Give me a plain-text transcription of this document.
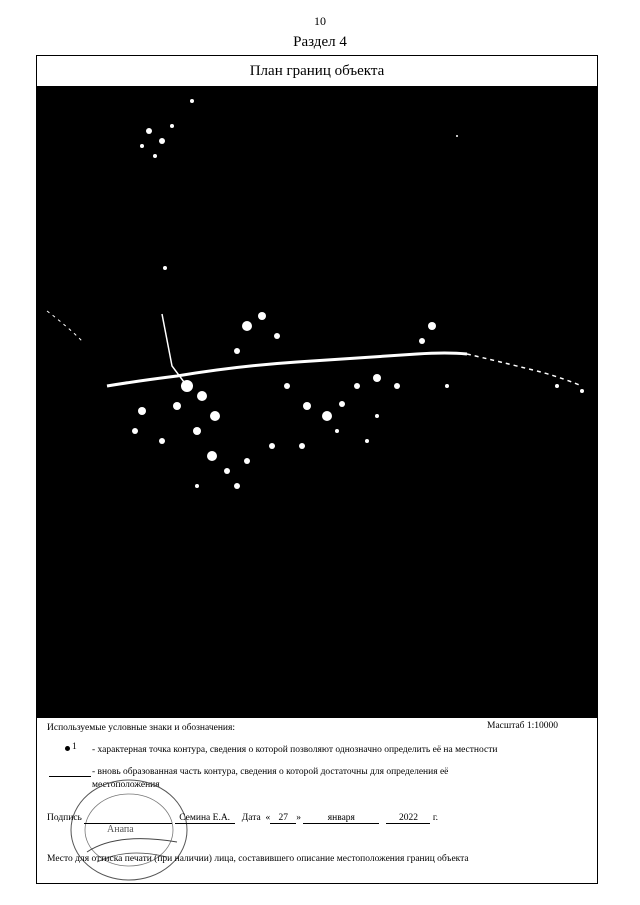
10
Раздел 4
План границ объекта
Используемые условные знаки и обозначения:	Масштаб 1:10000
1 - характерная точка контура, сведения о которой позволяют однозначно определить её на местности
- вновь образованная часть контура, сведения о которой достаточны для определения её
местоположения
Анапа
Подпись	Семина Е.А. Дата « 27 »	января	2022 г.
Место для оттиска печати (при наличии) лица, составившего описание местоположения границ объекта
